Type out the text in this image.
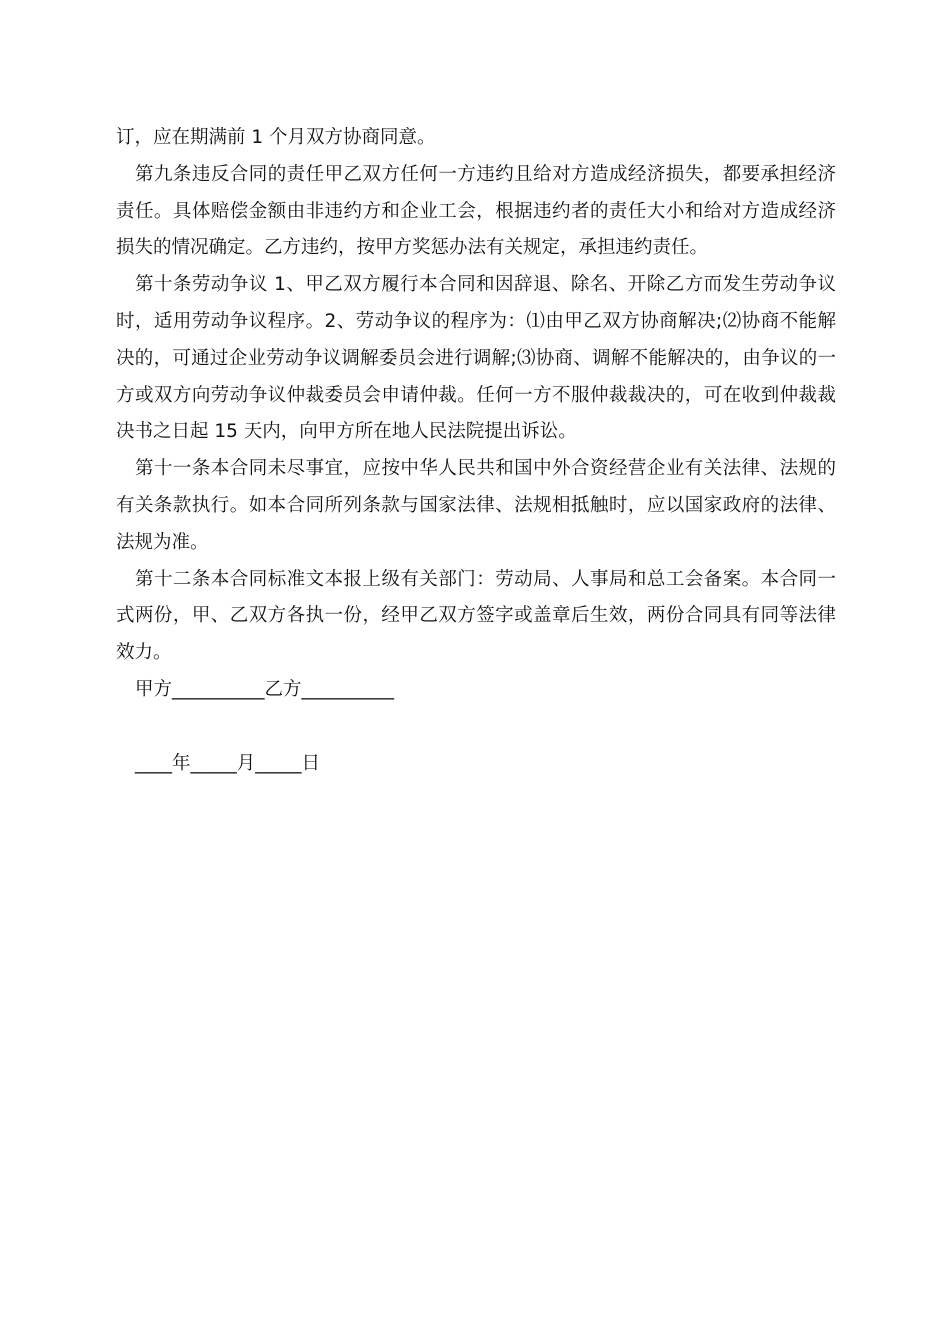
订，应在期满前 1 个月双方协商同意。

第九条违反合同的责任甲乙双方任何一方违约且给对方造成经济损失，都要承担经济责任。具体赔偿金额由非违约方和企业工会，根据违约者的责任大小和给对方造成经济损失的情况确定。乙方违约，按甲方奖惩办法有关规定，承担违约责任。

第十条劳动争议 1、甲乙双方履行本合同和因辞退、除名、开除乙方而发生劳动争议时，适用劳动争议程序。2、劳动争议的程序为：⑴由甲乙双方协商解决;⑵协商不能解决的，可通过企业劳动争议调解委员会进行调解;⑶协商、调解不能解决的，由争议的一方或双方向劳动争议仲裁委员会申请仲裁。任何一方不服仲裁裁决的，可在收到仲裁裁决书之日起 15 天内，向甲方所在地人民法院提出诉讼。

第十一条本合同未尽事宜，应按中华人民共和国中外合资经营企业有关法律、法规的有关条款执行。如本合同所列条款与国家法律、法规相抵触时，应以国家政府的法律、法规为准。

第十二条本合同标准文本报上级有关部门：劳动局、人事局和总工会备案。本合同一式两份，甲、乙双方各执一份，经甲乙双方签字或盖章后生效，两份合同具有同等法律效力。

甲方__________乙方__________

____年_____月_____日
